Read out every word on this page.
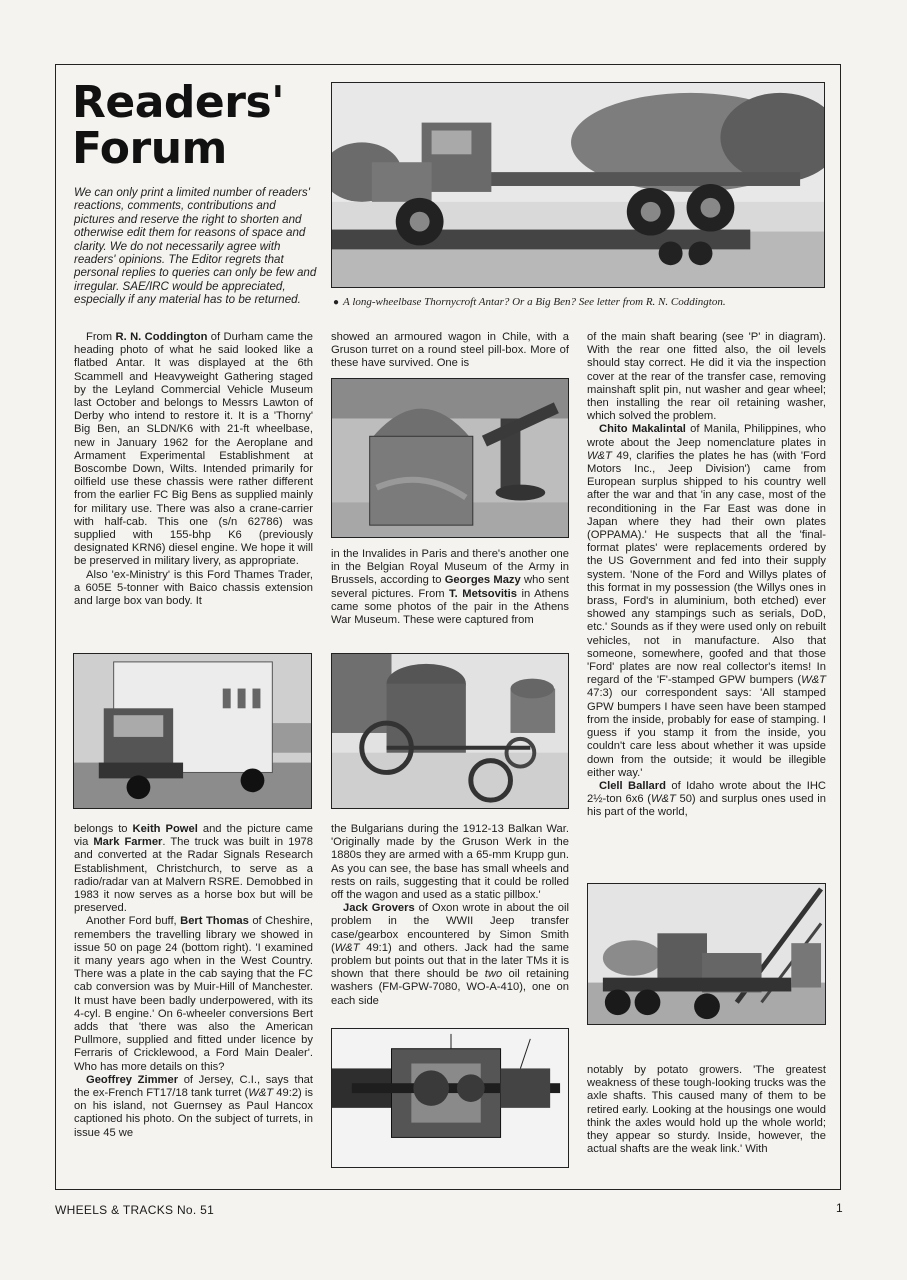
Readers'
Forum
We can only print a limited number of readers' reactions, comments, contributions and pictures and reserve the right to shorten and otherwise edit them for reasons of space and clarity. We do not necessarily agree with readers' opinions. The Editor regrets that personal replies to queries can only be few and irregular. SAE/IRC would be appreciated, especially if any material has to be returned.	● A long-wheelbase Thornycroft Antar? Or a Big Ben? See letter from R. N. Coddington.

From R. N. Coddington of Durham came the heading photo of what he said looked like a flatbed Antar. It was displayed at the 6th Scammell and Heavyweight Gathering staged by the Leyland Commercial Vehicle Museum last October and belongs to Messrs Lawton of Derby who intend to restore it. It is a 'Thorny' Big Ben, an SLDN/K6 with 21-ft wheelbase, new in January 1962 for the Aeroplane and Armament Experimental Establishment at Boscombe Down, Wilts. Intended primarily for oilfield use these chassis were rather different from the earlier FC Big Bens as supplied mainly for military use. There was also a crane-carrier with half-cab. This one (s/n 62786) was supplied with 155-bhp K6 (previously designated KRN6) diesel engine. We hope it will be preserved in military livery, as appropriate.

Also 'ex-Ministry' is this Ford Thames Trader, a 605E 5-tonner with Baico chassis extension and large box van body. It

belongs to Keith Powel and the picture came via Mark Farmer. The truck was built in 1978 and converted at the Radar Signals Research Establishment, Christchurch, to serve as a radio/radar van at Malvern RSRE. Demobbed in 1983 it now serves as a horse box but will be preserved.

Another Ford buff, Bert Thomas of Cheshire, remembers the travelling library we showed in issue 50 on page 24 (bottom right). 'I examined it many years ago when in the West Country. There was a plate in the cab saying that the FC cab conversion was by Muir-Hill of Manchester. It must have been badly underpowered, with its 4-cyl. B engine.' On 6-wheeler conversions Bert adds that 'there was also the American Pullmore, supplied and fitted under licence by Ferraris of Cricklewood, a Ford Main Dealer'. Who has more details on this?

Geoffrey Zimmer of Jersey, C.I., says that the ex-French FT17/18 tank turret (W&T 49:2) is on his island, not Guernsey as Paul Hancox captioned his photo. On the subject of turrets, in issue 45 we

showed an armoured wagon in Chile, with a Gruson turret on a round steel pill-box. More of these have survived. One is

in the Invalides in Paris and there's another one in the Belgian Royal Museum of the Army in Brussels, according to Georges Mazy who sent several pictures. From T. Metsovitis in Athens came some photos of the pair in the Athens War Museum. These were captured from

the Bulgarians during the 1912-13 Balkan War. 'Originally made by the Gruson Werk in the 1880s they are armed with a 65-mm Krupp gun. As you can see, the base has small wheels and rests on rails, suggesting that it could be rolled off the wagon and used as a static pillbox.'

Jack Grovers of Oxon wrote in about the oil problem in the WWII Jeep transfer case/gearbox encountered by Simon Smith (W&T 49:1) and others. Jack had the same problem but points out that in the later TMs it is shown that there should be two oil retaining washers (FM-GPW-7080, WO-A-410), one on each side

of the main shaft bearing (see 'P' in diagram). With the rear one fitted also, the oil levels should stay correct. He did it via the inspection cover at the rear of the transfer case, removing mainshaft split pin, nut washer and gear wheel; then installing the rear oil retaining washer, which solved the problem.

Chito Makalintal of Manila, Philippines, who wrote about the Jeep nomenclature plates in W&T 49, clarifies the plates he has (with 'Ford Motors Inc., Jeep Division') came from European surplus shipped to his country well after the war and that 'in any case, most of the reconditioning in the Far East was done in Japan where they had their own plates (OPPAMA).' He suspects that all the 'final-format plates' were replacements ordered by the US Government and fed into their supply system. 'None of the Ford and Willys plates of this format in my possession (the Willys ones in brass, Ford's in aluminium, both etched) ever showed any stampings such as serials, DoD, etc.' Sounds as if they were used only on rebuilt vehicles, not in manufacture. Also that someone, somewhere, goofed and that those 'Ford' plates are now real collector's items! In regard of the 'F'-stamped GPW bumpers (W&T 47:3) our correspondent says: 'All stamped GPW bumpers I have seen have been stamped from the inside, probably for ease of stamping. I guess if you stamp it from the inside, you couldn't care less about whether it was upside down from the outside; it would be illegible either way.'

Clell Ballard of Idaho wrote about the IHC 2½-ton 6x6 (W&T 50) and surplus ones used in his part of the world,

notably by potato growers. 'The greatest weakness of these tough-looking trucks was the axle shafts. This caused many of them to be retired early. Looking at the housings one would think the axles would hold up the whole world; they appear so sturdy. Inside, however, the actual shafts are the weak link.' With

WHEELS & TRACKS No. 51	1
